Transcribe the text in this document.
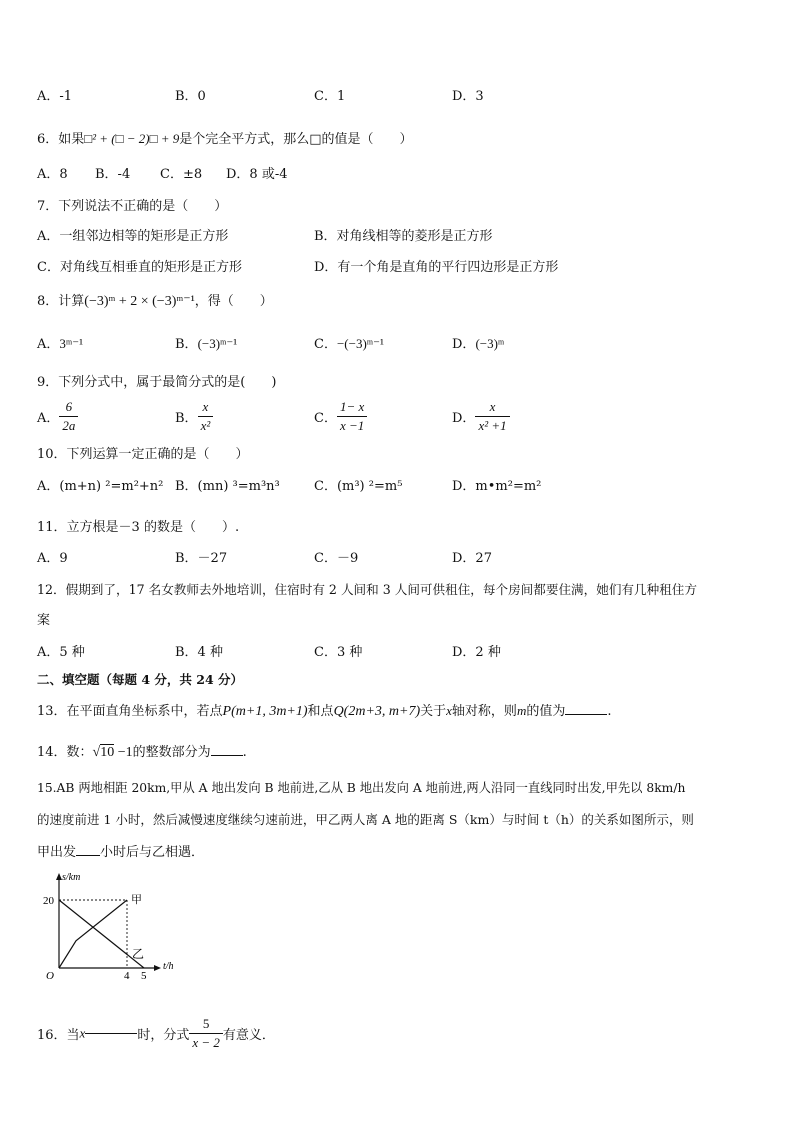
A．-1	B．0	C．1	D．3
6．如果□² + (□ − 2)□ + 9是个完全平方式，那么□的值是（　　）
A．8 B．-4 C．±8 D．8 或-4
7．下列说法不正确的是（　　）
A．一组邻边相等的矩形是正方形	B．对角线相等的菱形是正方形
C．对角线互相垂直的矩形是正方形	D．有一个角是直角的平行四边形是正方形
8．计算(−3)ᵐ + 2 × (−3)ᵐ⁻¹，得（　　）
A．3ᵐ⁻¹	B．(−3)ᵐ⁻¹	C．−(−3)ᵐ⁻¹	D．(−3)ᵐ
9．下列分式中，属于最简分式的是(　　)
A． $\frac{6}{2a}$	B． $\frac{x}{\text{x²}}$	C． $\frac{1- x}{x -1}$	D． $\frac{x}{\text{x² +1}}$
10．下列运算一定正确的是（　　）
A．(m+n) ²=m²+n² B．(mn) ³=m³n³	C．(m³) ²=m⁵	D．m•m²=m²
11．立方根是－3 的数是（　　）.
A．9	B．－27	C．－9	D．27
12．假期到了，17 名女教师去外地培训，住宿时有 2 人间和 3 人间可供租住，每个房间都要住满，她们有几种租住方
案
A．5 种	B．4 种	C．3 种	D．2 种
二、填空题（每题 4 分，共 24 分）
13．在平面直角坐标系中，若点P(m+1, 3m+1)和点Q(2m+3, m+7)关于x轴对称，则m的值为	.
14．数：√10 −1的整数部分为 .
15.AB 两地相距 20km,甲从 A 地出发向 B 地前进,乙从 B 地出发向 A 地前进,两人沿同一直线同时出发,甲先以 8km/h
的速度前进 1 小时，然后减慢速度继续匀速前进，甲乙两人离 A 地的距离 S（km）与时间 t（h）的关系如图所示，则
甲出发 小时后与乙相遇．
s/km
t/h
O
20
4 5
甲
乙
16．当x	时，分式 $\frac{5}{x - 2}$ 有意义．
